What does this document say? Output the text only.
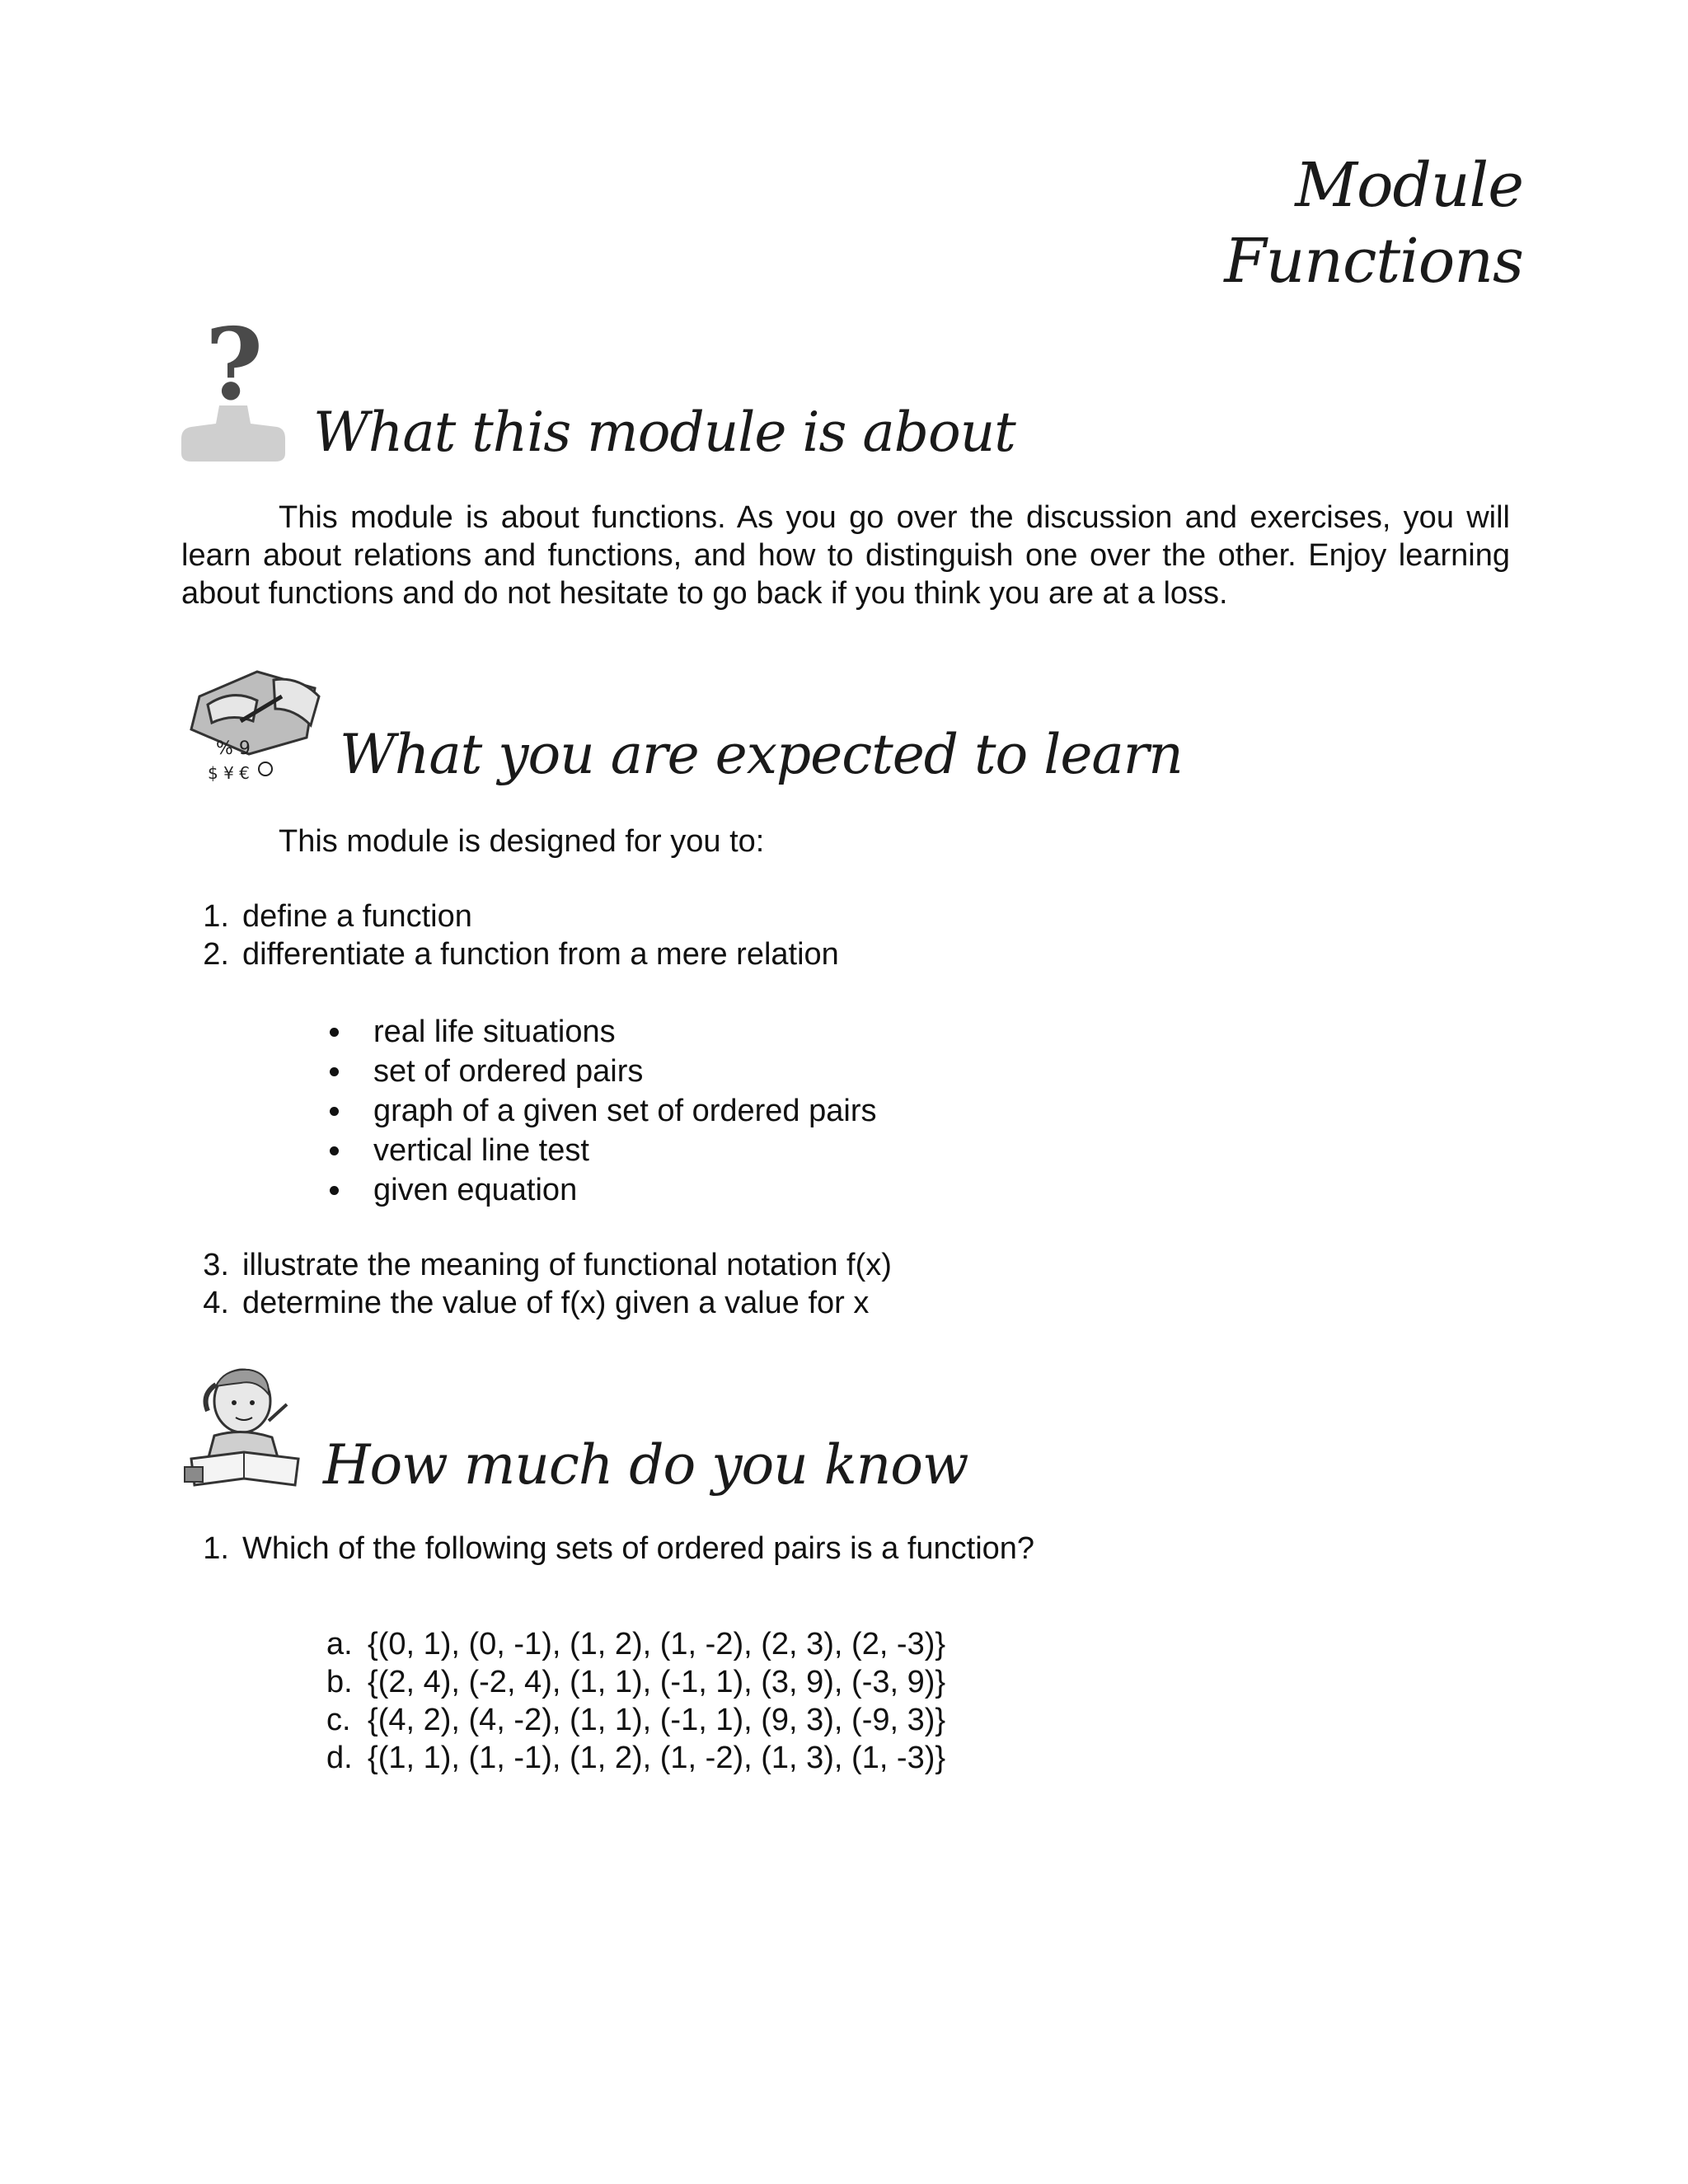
Module
Functions
?
What this module is about
This module is about functions. As you go over the discussion and exercises, you will learn about relations and functions, and how to distinguish one over the other. Enjoy learning about functions and do not hesitate to go back if you think you are at a loss.
% 9
$ ¥ € What you are expected to learn
This module is designed for you to:
1. define a function
2. differentiate a function from a mere relation
real life situations
set of ordered pairs
graph of a given set of ordered pairs
vertical line test
given equation
3. illustrate the meaning of functional notation f(x)
4. determine the value of f(x) given a value for x
How much do you know
1. Which of the following sets of ordered pairs is a function?
a. {(0, 1), (0, -1), (1, 2), (1, -2), (2, 3), (2, -3)}
b. {(2, 4), (-2, 4), (1, 1), (-1, 1), (3, 9), (-3, 9)}
c. {(4, 2), (4, -2), (1, 1), (-1, 1), (9, 3), (-9, 3)}
d. {(1, 1), (1, -1), (1, 2), (1, -2), (1, 3), (1, -3)}
